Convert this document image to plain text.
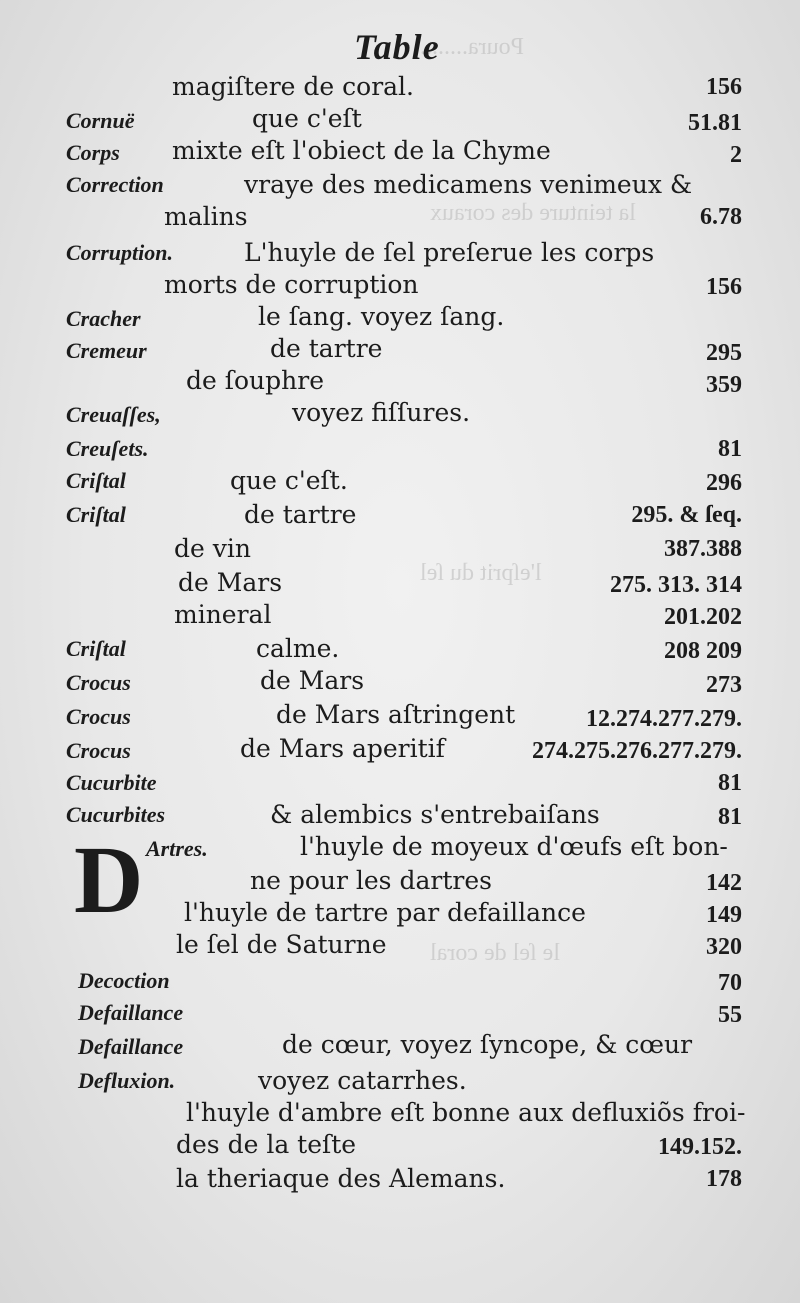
Poura........
la teinture des coraux
l'eſprit du ſel
le ſel de coral
Table
D
magiſtere de coral.	156
Cornuë	que c'eſt	51.81
Corps mixte eſt l'obiect de la Chyme	2
Correction	vraye des medicamens venimeux &
malins	6.78
Corruption.	L'huyle de ſel preſerue les corps
morts de corruption	156
Cracher	le ſang. voyez ſang.
Cremeur	de tartre	295
de ſouphre	359
Creuaſſes,	voyez fiſſures.
Creuſets.	81
Criſtal	que c'eſt.	296
Criſtal	de tartre	295. & ſeq.
de vin	387.388
de Mars	275. 313. 314
mineral	201.202
Criſtal	calme.	208 209
Crocus	de Mars	273
Crocus	de Mars aſtringent	12.274.277.279.
Crocus	de Mars aperitif	274.275.276.277.279.
Cucurbite	81
Cucurbites	& alembics s'entrebaiſans	81
Artres.	l'huyle de moyeux d'œufs eſt bon-
ne pour les dartres	142
l'huyle de tartre par defaillance	149
le ſel de Saturne	320
Decoction	70
Defaillance	55
Defaillance	de cœur, voyez ſyncope, & cœur
Defluxion.	voyez catarrhes.
l'huyle d'ambre eſt bonne aux defluxiõs froi-
des de la teſte	149.152.
la theriaque des Alemans.	178
